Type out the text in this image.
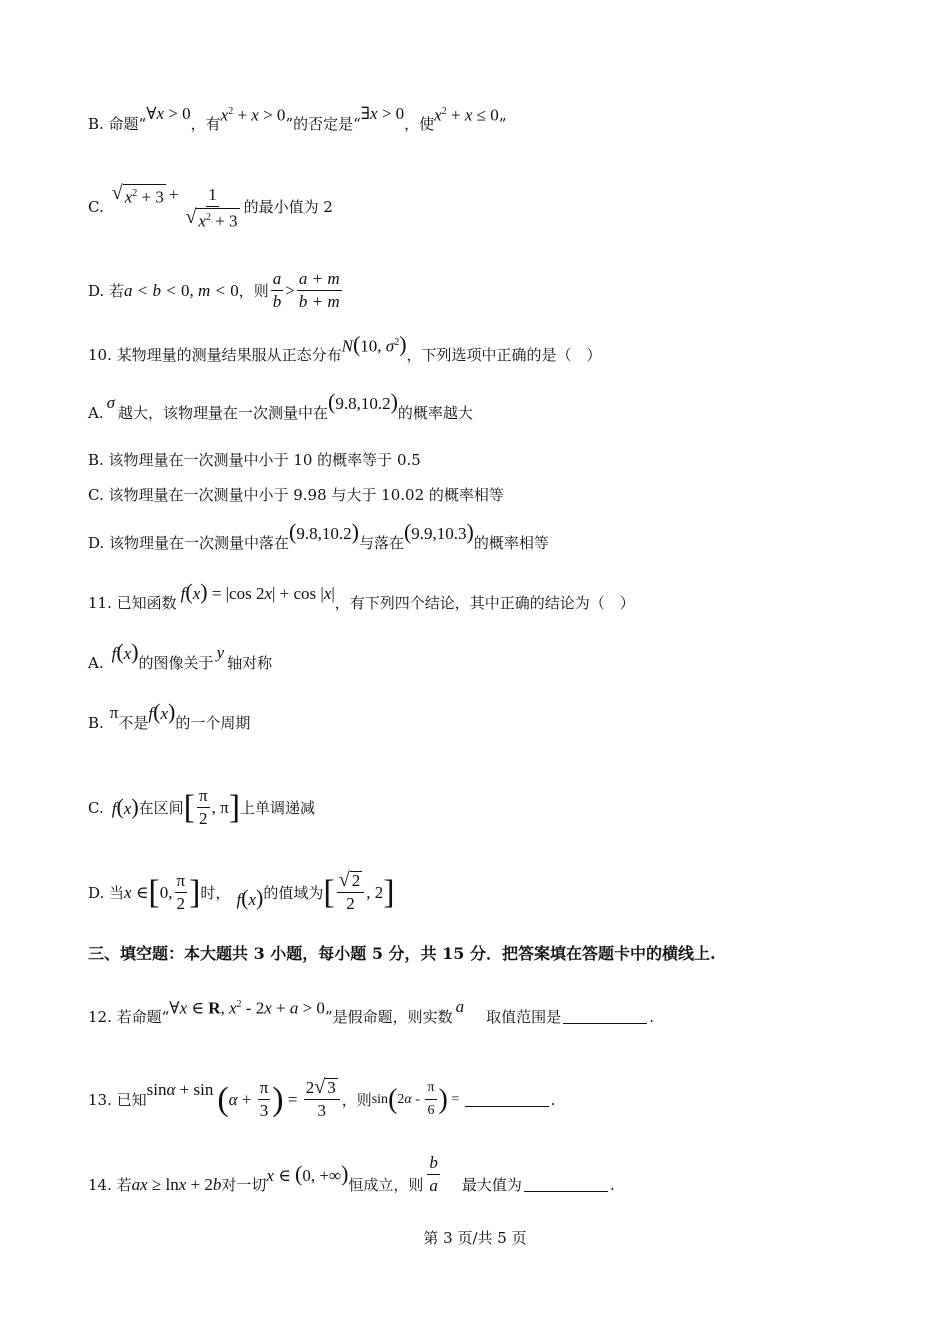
B. 命题“
∀x > 0
，有 $x^2 + x > 0$ ”的否定是“
∃x > 0
，使 $x^2 + x \le 0$ ”
C.
√ $x^2 + 3 + \frac{1}{√ x^2 + 3}$ 的最小值为 2
D. 若 a < b < 0, m < 0 ，则 $\frac{a}{b} > \frac{a + m}{b + m}$
10. 某物理量的测量结果服从正态分布 N(10, $\sigma^2$) ，下列选项中正确的是（　）
A.
σ
越大，该物理量在一次测量中在 (9.8,10.2) 的概率越大
B. 该物理量在一次测量中小于 10 的概率等于 0.5
C. 该物理量在一次测量中小于 9.98 与大于 10.02 的概率相等
D. 该物理量在一次测量中落在 (9.8,10.2) 与落在 (9.9,10.3) 的概率相等
11. 已知函数 f(x) = |cos 2x| + cos |x| ，有下列四个结论，其中正确的结论为（　）
A. f(x) 的图像关于
y
轴对称
B.
π
不是 f(x) 的一个周期
C. f(x) 在区间 [ $\frac{\pi}{2}$ , π ] 上单调递减
D. 当 x ∈ [ 0, $\frac{\pi}{2}$ ] 时， f(x) 的值域为 [ $\frac{√ 2}{2}$ , 2 ]
三、填空题：本大题共 3 小题，每小题 5 分，共 15 分．把答案填在答题卡中的横线上.
12. 若命题“ ∀x ∈ R, $x^2 - 2x + a > 0$ ”是假命题，则实数
a
取值范围是	.
13. 已知
sinα + sin ( $\alpha + \frac{\pi}{3}$ ) = $\frac{2 √ 3}{3}$ ，则 sin ( $2\alpha - \frac{\pi}{6}$ ) =	.
14. 若 ax ≥ lnx + 2b 对一切 x ∈ (0, +∞) 恒成立，则 $\frac{b}{a}$ 最大值为	.
第 3 页/共 5 页
